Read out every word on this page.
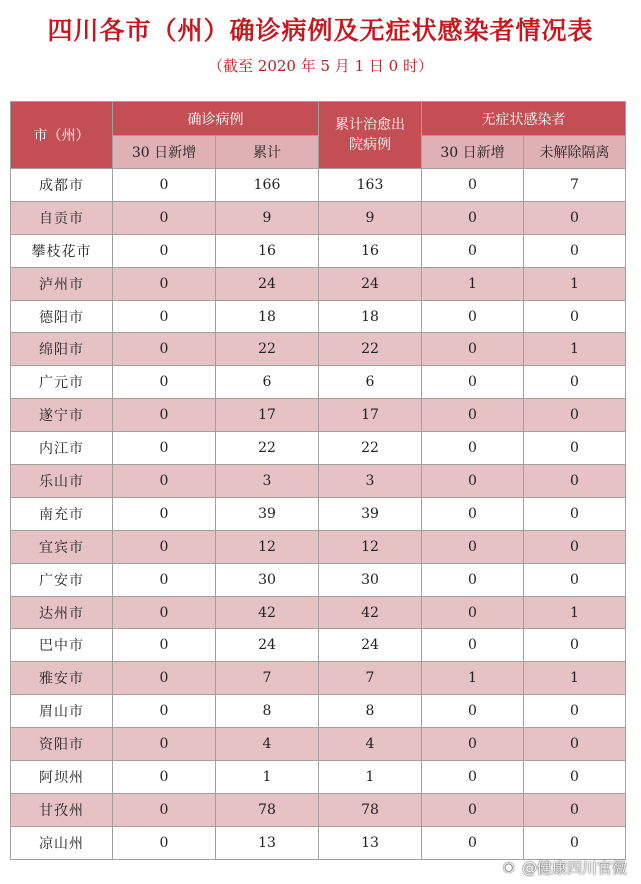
四川各市（州）确诊病例及无症状感染者情况表
（截至 2020 年 5 月 1 日 0 时）
市（州）	确诊病例		累计治愈出院病例	无症状感染者	
	30 日新增	累计		30 日新增	未解除隔离
成都市	0	166	163	0	7
自贡市	0	9	9	0	0
攀枝花市	0	16	16	0	0
泸州市	0	24	24	1	1
德阳市	0	18	18	0	0
绵阳市	0	22	22	0	1
广元市	0	6	6	0	0
遂宁市	0	17	17	0	0
内江市	0	22	22	0	0
乐山市	0	3	3	0	0
南充市	0	39	39	0	0
宜宾市	0	12	12	0	0
广安市	0	30	30	0	0
达州市	0	42	42	0	1
巴中市	0	24	24	0	0
雅安市	0	7	7	1	1
眉山市	0	8	8	0	0
资阳市	0	4	4	0	0
阿坝州	0	1	1	0	0
甘孜州	0	78	78	0	0
凉山州	0	13	13	0	0
◉ @健康四川官微
